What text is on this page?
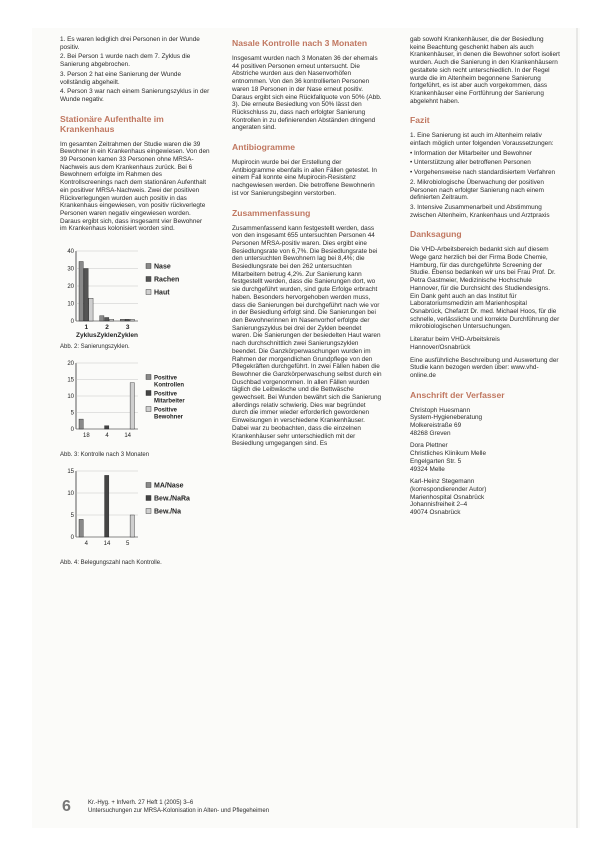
1. Es waren lediglich drei Personen in der Wunde positiv.

2. Bei Person 1 wurde nach dem 7. Zyklus die Sanierung abgebrochen.

3. Person 2 hat eine Sanierung der Wunde vollständig abgeheilt.

4. Person 3 war nach einem Sanierungszyklus in der Wunde negativ.

Stationäre Aufenthalte im Krankenhaus

Im gesamten Zeitrahmen der Studie waren die 39 Bewohner in ein Krankenhaus eingewiesen. Von den 39 Personen kamen 33 Personen ohne MRSA-Nachweis aus dem Krankenhaus zurück. Bei 6 Bewohnern erfolgte im Rahmen des Kontrollscreenings nach dem stationären Aufenthalt ein positiver MRSA-Nachweis. Zwei der positiven Rückverlegungen wurden auch positiv in das Krankenhaus eingewiesen, von positiv rückverlegte Personen waren negativ eingewiesen worden. Daraus ergibt sich, dass insgesamt vier Bewohner im Krankenhaus kolonisiert worden sind.

0
10
20
30
40
1
Zyklus
2
Zyklen
3
Zyklen
Nase
Rachen
Haut
Abb. 2: Sanierungszyklen.
0
5
10
15
20
18	4	14
Positive
Kontrollen
Positive
Mitarbeiter
Positive
Bewohner
Abb. 3: Kontrolle nach 3 Monaten
0
5
10
15
4	14	5
MA/Nase
Bew./NaRa
Bew./Na
Abb. 4: Belegungszahl nach Kontrolle.
Nasale Kontrolle nach 3 Monaten

Insgesamt wurden nach 3 Monaten 36 der ehemals 44 positiven Personen erneut untersucht. Die Abstriche wurden aus den Nasenvorhöfen entnommen. Von den 36 kontrollierten Personen waren 18 Personen in der Nase erneut positiv. Daraus ergibt sich eine Rückfallquote von 50% (Abb. 3). Die erneute Besiedlung von 50% lässt den Rückschluss zu, dass nach erfolgter Sanierung Kontrollen in zu definierenden Abständen dringend angeraten sind.

Antibiogramme

Mupirocin wurde bei der Erstellung der Antibiogramme ebenfalls in allen Fällen getestet. In einem Fall konnte eine Mupirocin-Resistenz nachgewiesen werden. Die betroffene Bewohnerin ist vor Sanierungsbeginn verstorben.

Zusammenfassung

Zusammenfassend kann festgestellt werden, dass von den insgesamt 655 untersuchten Personen 44 Personen MRSA-positiv waren. Dies ergibt eine Besiedlungsrate von 6,7%. Die Besiedlungsrate bei den untersuchten Bewohnern lag bei 8,4%; die Besiedlungsrate bei den 262 untersuchten Mitarbeitern betrug 4,2%. Zur Sanierung kann festgestellt werden, dass die Sanierungen dort, wo sie durchgeführt wurden, sind gute Erfolge erbracht haben. Besonders hervorgehoben werden muss, dass die Sanierungen bei durchgeführt nach wie vor in der Besiedlung erfolgt sind. Die Sanierungen bei den Bewohnerinnen im Nasenvorhof erfolgte der Sanierungszyklus bei drei der Zyklen beendet waren. Die Sanierungen der besiedelten Haut waren nach durchschnittlich zwei Sanierungszyklen beendet. Die Ganzkörperwaschungen wurden im Rahmen der morgendlichen Grundpflege von den Pflegekräften durchgeführt. In zwei Fällen haben die Bewohner die Ganzkörperwaschung selbst durch ein Duschbad vorgenommen. In allen Fällen wurden täglich die Leibwäsche und die Bettwäsche gewechselt. Bei Wunden bewährt sich die Sanierung allerdings relativ schwierig. Dies war begründet durch die immer wieder erforderlich gewordenen Einweisungen in verschiedene Krankenhäuser. Dabei war zu beobachten, dass die einzelnen Krankenhäuser sehr unterschiedlich mit der Besiedlung umgegangen sind. Es

gab sowohl Krankenhäuser, die der Besiedlung keine Beachtung geschenkt haben als auch Krankenhäuser, in denen die Bewohner sofort isoliert wurden. Auch die Sanierung in den Krankenhäusern gestaltete sich recht unterschiedlich. In der Regel wurde die im Altenheim begonnene Sanierung fortgeführt, es ist aber auch vorgekommen, dass Krankenhäuser eine Fortführung der Sanierung abgelehnt haben.

Fazit

1. Eine Sanierung ist auch im Altenheim relativ einfach möglich unter folgenden Voraussetzungen:

• Information der Mitarbeiter und Bewohner

• Unterstützung aller betroffenen Personen

• Vorgehensweise nach standardisiertem Verfahren

2. Mikrobiologische Überwachung der positiven Personen nach erfolgter Sanierung nach einem definierten Zeitraum.

3. Intensive Zusammenarbeit und Abstimmung zwischen Altenheim, Krankenhaus und Arztpraxis

Danksagung

Die VHD-Arbeitsbereich bedankt sich auf diesem Wege ganz herzlich bei der Firma Bode Chemie, Hamburg, für das durchgeführte Screening der Studie. Ebenso bedanken wir uns bei Frau Prof. Dr. Petra Gastmeier, Medizinische Hochschule Hannover, für die Durchsicht des Studiendesigns. Ein Dank geht auch an das Institut für Laboratoriumsmedizin am Marienhospital Osnabrück, Chefarzt Dr. med. Michael Hoos, für die schnelle, verlässliche und korrekte Durchführung der mikrobiologischen Untersuchungen.

Literatur beim VHD-Arbeitskreis Hannover/Osnabrück

Eine ausführliche Beschreibung und Auswertung der Studie kann bezogen werden über: www.vhd-online.de

Anschrift der Verfasser
Christoph Huesmann
System-Hygieneberatung
Molkereistraße 69
48268 Greven
Dora Plettner
Christliches Klinikum Melle
Engelgarten Str. 5
49324 Melle
Karl-Heinz Stegemann
(korrespondierender Autor)
Marienhospital Osnabrück
Johannisfreiheit 2–4
49074 Osnabrück
6	Kr.-Hyg. + Infverh. 27 Heft 1 (2005) 3–6
Untersuchungen zur MRSA-Kolonisation in Alten- und Pflegeheimen
